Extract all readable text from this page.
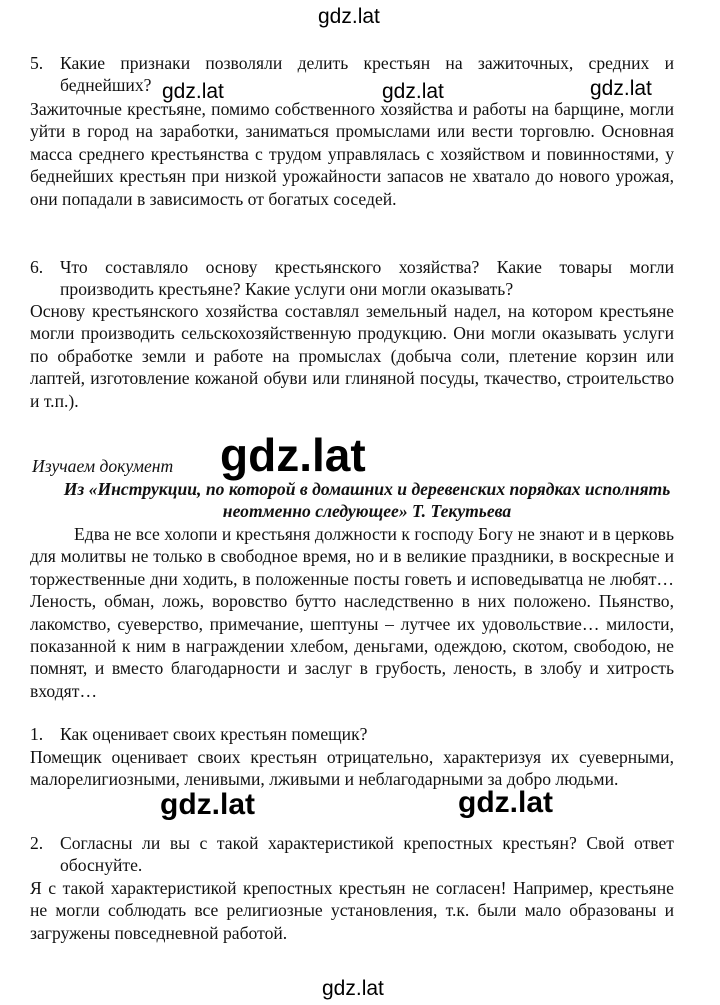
gdz.lat
5. Какие признаки позволяли делить крестьян на зажиточных, средних и беднейших? gdz.lat	gdz.lat	gdz.lat
Зажиточные крестьяне, помимо собственного хозяйства и работы на барщине, могли уйти в город на заработки, заниматься промыслами или вести торговлю. Основная масса среднего крестьянства с трудом управлялась с хозяйством и повинностями, у беднейших крестьян при низкой урожайности запасов не хватало до нового урожая, они попадали в зависимость от богатых соседей.
6. Что составляло основу крестьянского хозяйства? Какие товары могли производить крестьяне? Какие услуги они могли оказывать?
Основу крестьянского хозяйства составлял земельный надел, на котором крестьяне могли производить сельскохозяйственную продукцию. Они могли оказывать услуги по обработке земли и работе на промыслах (добыча соли, плетение корзин или лаптей, изготовление кожаной обуви или глиняной посуды, ткачество, строительство и т.п.).
Изучаем документ	gdz.lat
Из «Инструкции, по которой в домашних и деревенских порядках исполнять неотменно следующее» Т. Текутьева
Едва не все холопи и крестьяня должности к господу Богу не знают и в церковь для молитвы не только в свободное время, но и в великие праздники, в воскресные и торжественные дни ходить, в положенные посты говеть и исповедыватца не любят… Леность, обман, ложь, воровство бутто наследственно в них положено. Пьянство, лакомство, суеверство, примечание, шептуны – лутчее их удовольствие… милости, показанной к ним в награждении хлебом, деньгами, одеждою, скотом, свободою, не помнят, и вместо благодарности и заслуг в грубость, леность, в злобу и хитрость входят…
1. Как оценивает своих крестьян помещик?
Помещик оценивает своих крестьян отрицательно, характеризуя их суеверными, малорелигиозными, ленивыми, лживыми и неблагодарными за добро людьми.
gdz.lat	gdz.lat
2. Согласны ли вы с такой характеристикой крепостных крестьян? Свой ответ обоснуйте.
Я с такой характеристикой крепостных крестьян не согласен! Например, крестьяне не могли соблюдать все религиозные установления, т.к. были мало образованы и загружены повседневной работой.
gdz.lat
